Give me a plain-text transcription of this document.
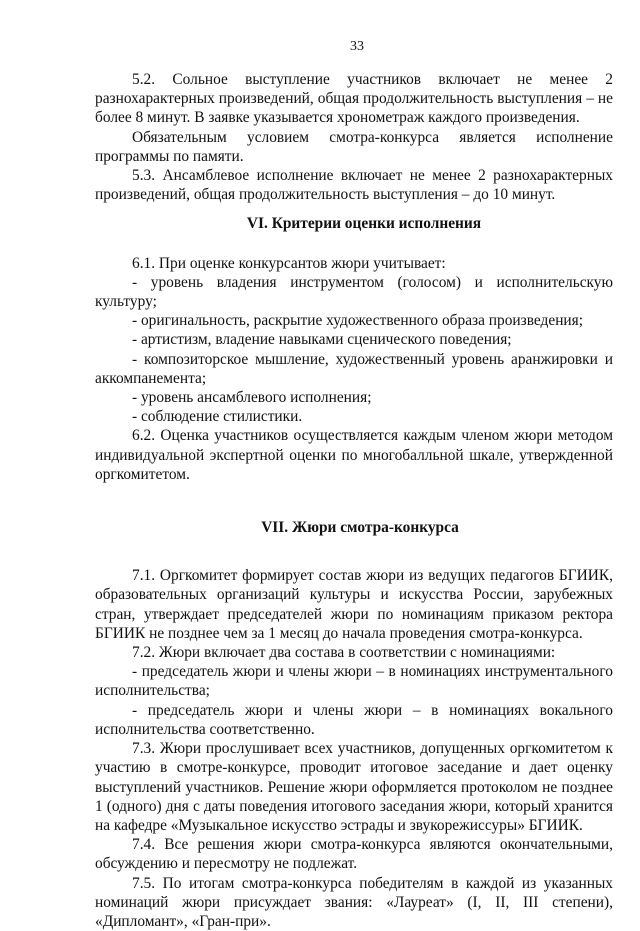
33

5.2. Сольное выступление участников включает не менее 2 разнохарактерных произведений, общая продолжительность выступления – не более 8 минут. В заявке указывается хронометраж каждого произведения.

Обязательным условием смотра-конкурса является исполнение программы по памяти.

5.3. Ансамблевое исполнение включает не менее 2 разнохарактерных произведений, общая продолжительность выступления – до 10 минут.

VI. Критерии оценки исполнения

6.1. При оценке конкурсантов жюри учитывает:

- уровень владения инструментом (голосом) и исполнительскую культуру;

- оригинальность, раскрытие художественного образа произведения;

- артистизм, владение навыками сценического поведения;

- композиторское мышление, художественный уровень аранжировки и аккомпанемента;

- уровень ансамблевого исполнения;

- соблюдение стилистики.

6.2. Оценка участников осуществляется каждым членом жюри методом индивидуальной экспертной оценки по многобалльной шкале, утвержденной оргкомитетом.

VII. Жюри смотра-конкурса

7.1. Оргкомитет формирует состав жюри из ведущих педагогов БГИИК, образовательных организаций культуры и искусства России, зарубежных стран, утверждает председателей жюри по номинациям приказом ректора БГИИК не позднее чем за 1 месяц до начала проведения смотра-конкурса.

7.2. Жюри включает два состава в соответствии с номинациями:

- председатель жюри и члены жюри – в номинациях инструментального исполнительства;

- председатель жюри и члены жюри – в номинациях вокального исполнительства соответственно.

7.3. Жюри прослушивает всех участников, допущенных оргкомитетом к участию в смотре-конкурсе, проводит итоговое заседание и дает оценку выступлений участников. Решение жюри оформляется протоколом не позднее 1 (одного) дня с даты поведения итогового заседания жюри, который хранится на кафедре «Музыкальное искусство эстрады и звукорежиссуры» БГИИК.

7.4. Все решения жюри смотра-конкурса являются окончательными, обсуждению и пересмотру не подлежат.

7.5. По итогам смотра-конкурса победителям в каждой из указанных номинаций жюри присуждает звания: «Лауреат» (I, II, III степени), «Дипломант», «Гран-при».
